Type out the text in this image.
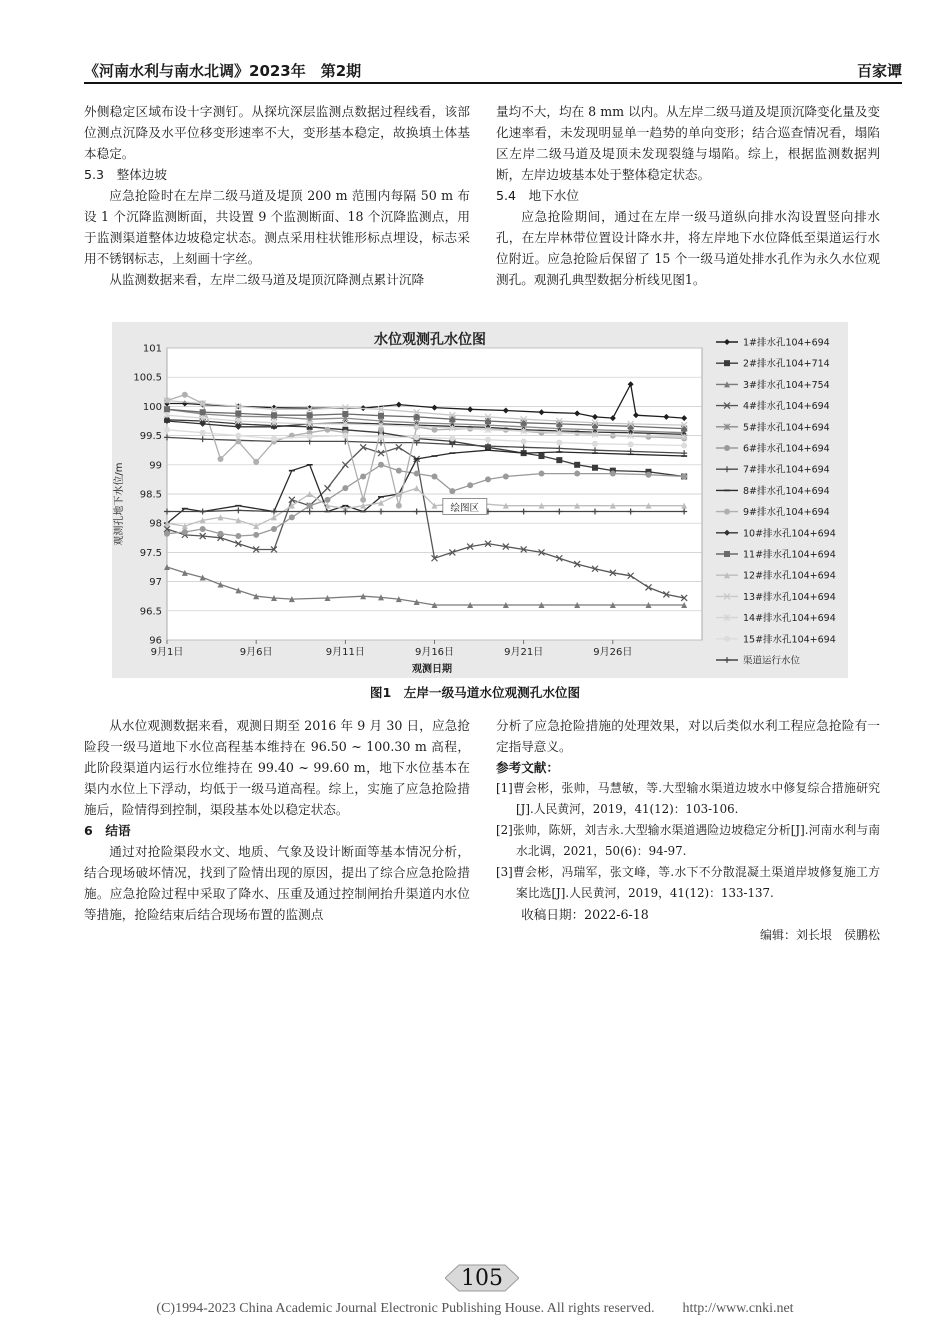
《河南水利与南水北调》2023年　第2期	百家谭

外侧稳定区域布设十字测钉。从探坑深层监测点数据过程线看，该部位测点沉降及水平位移变形速率不大，变形基本稳定，故换填土体基本稳定。

5.3　整体边坡

应急抢险时在左岸二级马道及堤顶 200 m 范围内每隔 50 m 布设 1 个沉降监测断面，共设置 9 个监测断面、18 个沉降监测点，用于监测渠道整体边坡稳定状态。测点采用柱状锥形标点埋设，标志采用不锈钢标志，上刻画十字丝。

从监测数据来看，左岸二级马道及堤顶沉降测点累计沉降

量均不大，均在 8 mm 以内。从左岸二级马道及堤顶沉降变化量及变化速率看，未发现明显单一趋势的单向变形；结合巡查情况看，塌陷区左岸二级马道及堤顶未发现裂缝与塌陷。综上，根据监测数据判断，左岸边坡基本处于整体稳定状态。

5.4　地下水位

应急抢险期间，通过在左岸一级马道纵向排水沟设置竖向排水孔，在左岸林带位置设计降水井，将左岸地下水位降低至渠道运行水位附近。应急抢险后保留了 15 个一级马道处排水孔作为永久水位观测孔。观测孔典型数据分析线见图1。

水位观测孔水位图
96
96.5
97
97.5
98
98.5
99
99.5
100
100.5
101
9月1日	9月6日	9月11日	9月16日	9月21日	9月26日
绘图区
观测孔地下水位/m
观测日期
1#排水孔104+694
2#排水孔104+714
3#排水孔104+754
4#排水孔104+694
5#排水孔104+694
6#排水孔104+694
7#排水孔104+694
8#排水孔104+694
9#排水孔104+694
10#排水孔104+694
11#排水孔104+694
12#排水孔104+694
13#排水孔104+694
14#排水孔104+694
15#排水孔104+694
渠道运行水位
图1　左岸一级马道水位观测孔水位图

从水位观测数据来看，观测日期至 2016 年 9 月 30 日，应急抢险段一级马道地下水位高程基本维持在 96.50 ~ 100.30 m 高程，此阶段渠道内运行水位维持在 99.40 ~ 99.60 m，地下水位基本在渠内水位上下浮动，均低于一级马道高程。综上，实施了应急抢险措施后，险情得到控制，渠段基本处以稳定状态。

6　结语

通过对抢险渠段水文、地质、气象及设计断面等基本情况分析，结合现场破坏情况，找到了险情出现的原因，提出了综合应急抢险措施。应急抢险过程中采取了降水、压重及通过控制闸抬升渠道内水位等措施，抢险结束后结合现场布置的监测点

分析了应急抢险措施的处理效果，对以后类似水利工程应急抢险有一定指导意义。

参考文献：

[1]曹会彬，张帅，马慧敏，等.大型输水渠道边坡水中修复综合措施研究[J].人民黄河，2019，41(12)：103-106.

[2]张帅，陈妍，刘吉永.大型输水渠道遇险边坡稳定分析[J].河南水利与南水北调，2021，50(6)：94-97.

[3]曹会彬，冯瑞军，张文峰，等.水下不分散混凝土渠道岸坡修复施工方案比选[J].人民黄河，2019，41(12)：133-137.

收稿日期：2022-6-18

编辑：刘长垠　侯鹏松

105
(C)1994-2023 China Academic Journal Electronic Publishing House. All rights reserved.　　http://www.cnki.net
